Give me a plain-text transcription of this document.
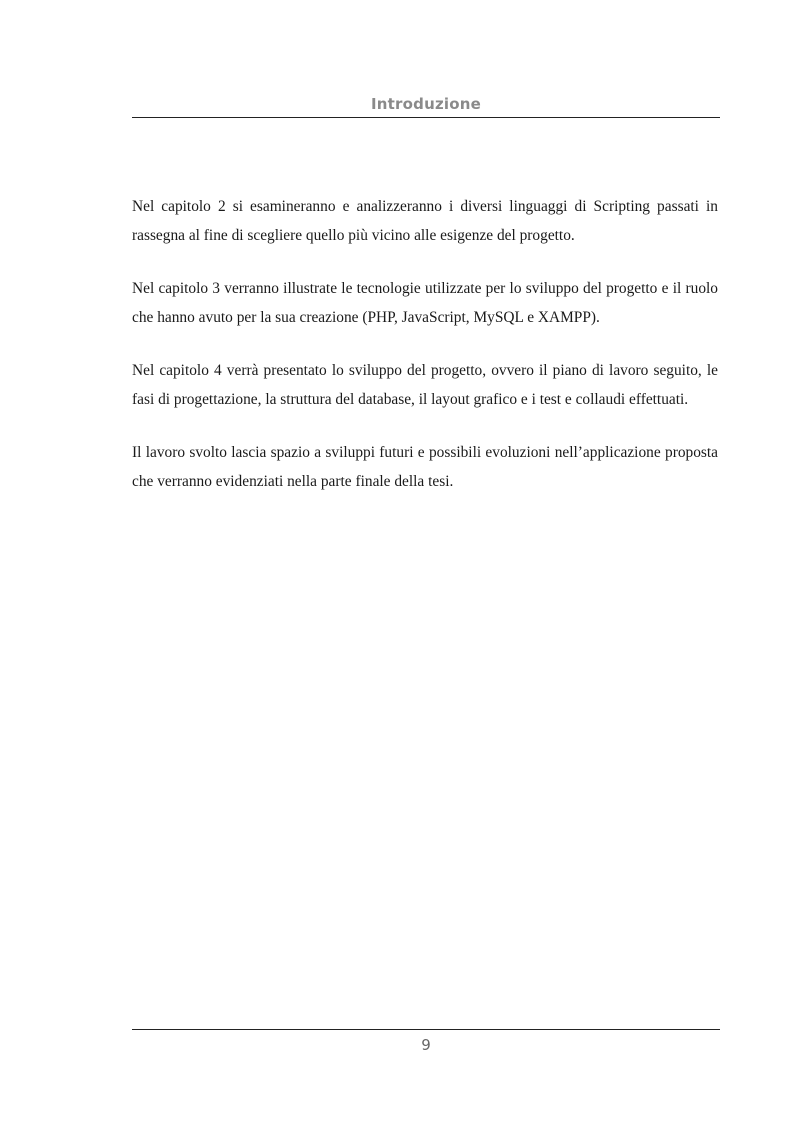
Introduzione

Nel capitolo 2 si esamineranno e analizzeranno i diversi linguaggi di Scripting passati in rassegna al fine di scegliere quello più vicino alle esigenze del progetto.

Nel capitolo 3 verranno illustrate le tecnologie utilizzate per lo sviluppo del progetto e il ruolo che hanno avuto per la sua creazione (PHP, JavaScript, MySQL e XAMPP).

Nel capitolo 4 verrà presentato lo sviluppo del progetto, ovvero il piano di lavoro seguito, le fasi di progettazione, la struttura del database, il layout grafico e i test e collaudi effettuati.

Il lavoro svolto lascia spazio a sviluppi futuri e possibili evoluzioni nell’applicazione proposta che verranno evidenziati nella parte finale della tesi.

9
